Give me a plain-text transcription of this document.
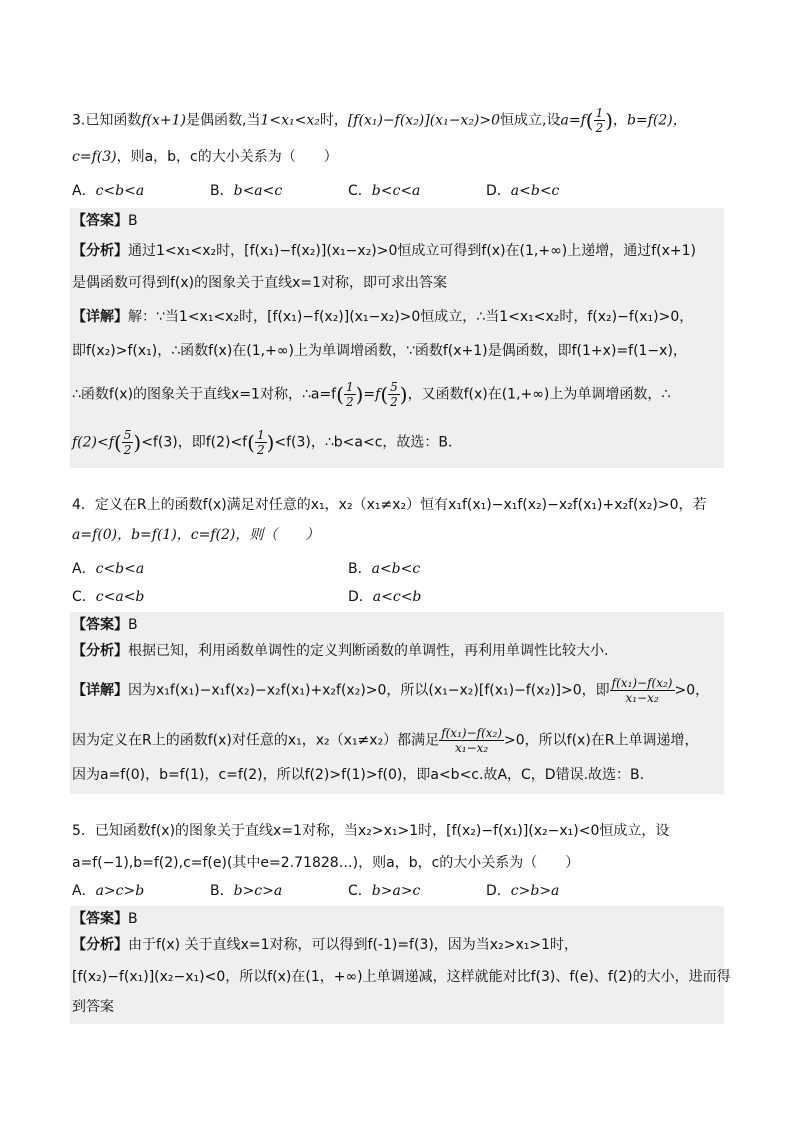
3.已知函数f(x+1)是偶函数,当1<x₁<x₂时，[f(x₁)−f(x₂)](x₁−x₂)>0恒成立,设$a=f( \frac{1}{2}$ )，b=f(2)，
c=f(3)，则a，b，c的大小关系为（　　）
A．c<b<a	B．b<a<c	C．b<c<a	D．a<b<c
【答案】B
【分析】通过1<x₁<x₂时，[f(x₁)−f(x₂)](x₁−x₂)>0恒成立可得到f(x)在(1,+∞)上递增，通过f(x+1)
是偶函数可得到f(x)的图象关于直线x=1对称，即可求出答案
【详解】解：∵当1<x₁<x₂时，[f(x₁)−f(x₂)](x₁−x₂)>0恒成立，∴当1<x₁<x₂时，f(x₂)−f(x₁)>0，
即f(x₂)>f(x₁)，∴函数f(x)在(1,+∞)上为单调增函数，∵函数f(x+1)是偶函数，即f(1+x)=f(1−x)，
∴函数f(x)的图象关于直线x=1对称，∴a=f( $\frac{1}{2} )=f( \frac{5}{2}$ )，又函数f(x)在(1,+∞)上为单调增函数，∴
$f(2)<f( \frac{5}{2} )<f(3)$，即$f(2)<f( \frac{1}{2} )<f(3)$，∴b<a<c，故选：B．
4．定义在R上的函数f(x)满足对任意的x₁，x₂（x₁≠x₂）恒有x₁f(x₁)−x₁f(x₂)−x₂f(x₁)+x₂f(x₂)>0，若
a=f(0)，b=f(1)，c=f(2)，则（　　）
A．c<b<a	B．a<b<c
C．c<a<b	D．a<c<b
【答案】B
【分析】根据已知，利用函数单调性的定义判断函数的单调性，再利用单调性比较大小.
【详解】因为x₁f(x₁)−x₁f(x₂)−x₂f(x₁)+x₂f(x₂)>0，所以(x₁−x₂)[f(x₁)−f(x₂)]>0，即 $\frac{\text{f(x₁)−f(x₂)}}{\text{x₁−x₂}} >0$，
因为定义在R上的函数f(x)对任意的x₁，x₂（x₁≠x₂）都满足 $\frac{\text{f(x₁)−f(x₂)}}{\text{x₁−x₂}} >0$，所以f(x)在R上单调递增，
因为a=f(0)，b=f(1)，c=f(2)，所以f(2)>f(1)>f(0)，即a<b<c.故A，C，D错误.故选：B.
5．已知函数f(x)的图象关于直线x=1对称，当x₂>x₁>1时，[f(x₂)−f(x₁)](x₂−x₁)<0恒成立，设
a=f(−1),b=f(2),c=f(e)(其中e=2.71828…)，则a，b，c的大小关系为（　　）
A．a>c>b	B．b>c>a	C．b>a>c	D．c>b>a
【答案】B
【分析】由于f(x) 关于直线x=1对称，可以得到f(-1)=f(3)，因为当x₂>x₁>1时，
[f(x₂)−f(x₁)](x₂−x₁)<0，所以f(x)在(1，+∞)上单调递减，这样就能对比f(3)、f(e)、f(2)的大小，进而得
到答案
